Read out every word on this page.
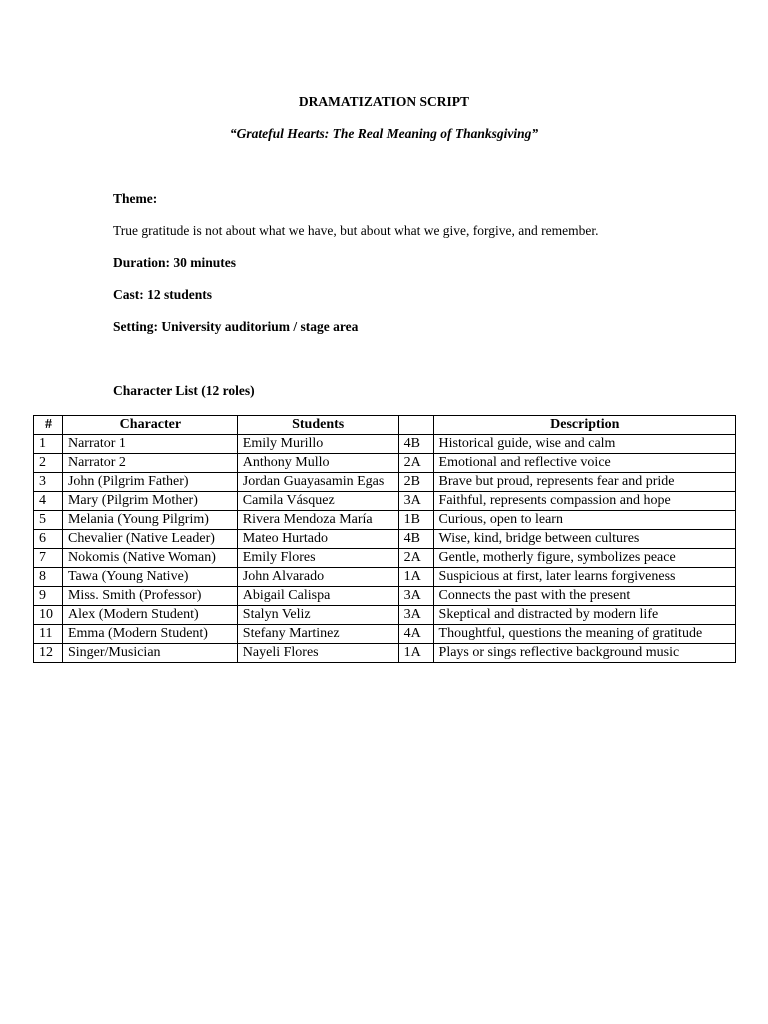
DRAMATIZATION SCRIPT

“Grateful Hearts: The Real Meaning of Thanksgiving”

Theme:

True gratitude is not about what we have, but about what we give, forgive, and remember.

Duration: 30 minutes

Cast: 12 students

Setting: University auditorium / stage area

Character List (12 roles)

#	Character	Students		Description
1	Narrator 1	Emily Murillo	4B	Historical guide, wise and calm
2	Narrator 2	Anthony Mullo	2A	Emotional and reflective voice
3	John (Pilgrim Father)	Jordan Guayasamin Egas	2B	Brave but proud, represents fear and pride
4	Mary (Pilgrim Mother)	Camila Vásquez	3A	Faithful, represents compassion and hope
5	Melania (Young Pilgrim)	Rivera Mendoza María	1B	Curious, open to learn
6	Chevalier (Native Leader)	Mateo Hurtado	4B	Wise, kind, bridge between cultures
7	Nokomis (Native Woman)	Emily Flores	2A	Gentle, motherly figure, symbolizes peace
8	Tawa (Young Native)	John Alvarado	1A	Suspicious at first, later learns forgiveness
9	Miss. Smith (Professor)	Abigail Calispa	3A	Connects the past with the present
10	Alex (Modern Student)	Stalyn Veliz	3A	Skeptical and distracted by modern life
11	Emma (Modern Student)	Stefany Martinez	4A	Thoughtful, questions the meaning of gratitude
12	Singer/Musician	Nayeli Flores	1A	Plays or sings reflective background music
